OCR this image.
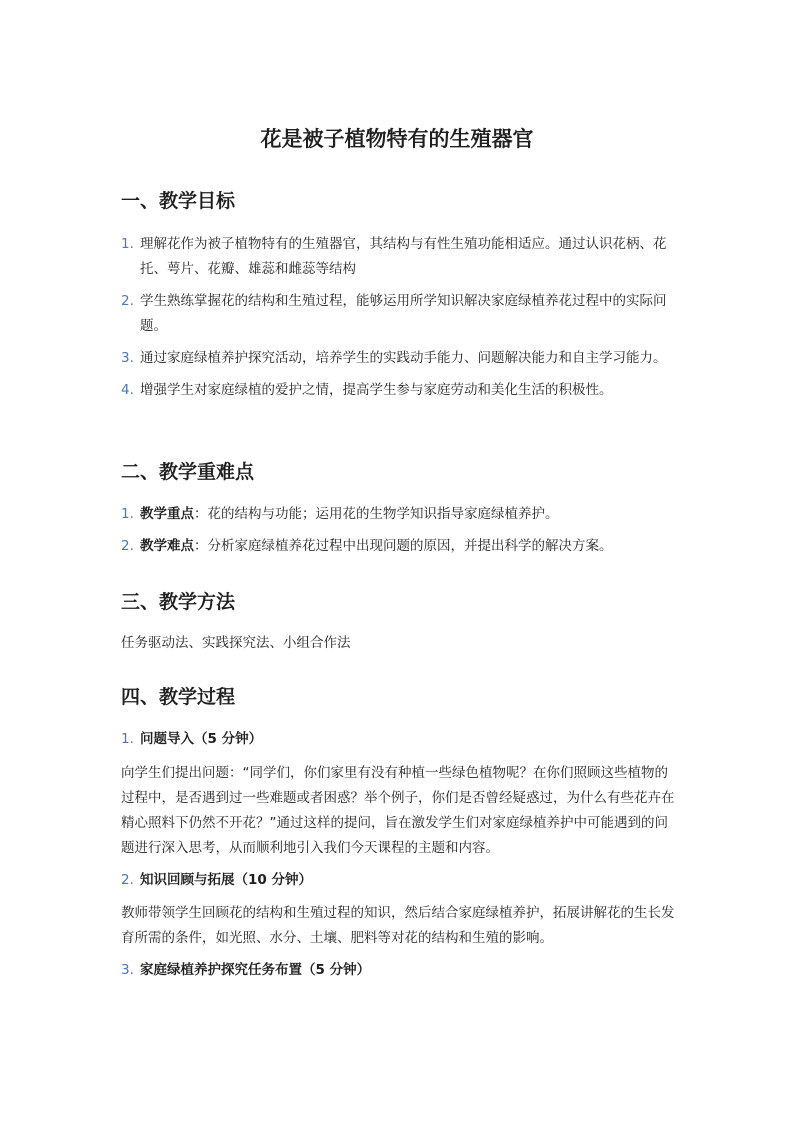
花是被子植物特有的生殖器官
一、教学目标
1. 理解花作为被子植物特有的生殖器官，其结构与有性生殖功能相适应。通过认识花柄、花托、萼片、花瓣、雄蕊和雌蕊等结构
2. 学生熟练掌握花的结构和生殖过程，能够运用所学知识解决家庭绿植养花过程中的实际问题。
3. 通过家庭绿植养护探究活动，培养学生的实践动手能力、问题解决能力和自主学习能力。
4. 增强学生对家庭绿植的爱护之情，提高学生参与家庭劳动和美化生活的积极性。
二、教学重难点
1. 教学重点：花的结构与功能；运用花的生物学知识指导家庭绿植养护。
2. 教学难点：分析家庭绿植养花过程中出现问题的原因，并提出科学的解决方案。
三、教学方法

任务驱动法、实践探究法、小组合作法

四、教学过程

1. 问题导入（5 分钟）

向学生们提出问题：“同学们，你们家里有没有种植一些绿色植物呢？在你们照顾这些植物的过程中，是否遇到过一些难题或者困惑？举个例子，你们是否曾经疑惑过，为什么有些花卉在精心照料下仍然不开花？”通过这样的提问，旨在激发学生们对家庭绿植养护中可能遇到的问题进行深入思考，从而顺利地引入我们今天课程的主题和内容。

2. 知识回顾与拓展（10 分钟）

教师带领学生回顾花的结构和生殖过程的知识，然后结合家庭绿植养护，拓展讲解花的生长发育所需的条件，如光照、水分、土壤、肥料等对花的结构和生殖的影响。

3. 家庭绿植养护探究任务布置（5 分钟）
